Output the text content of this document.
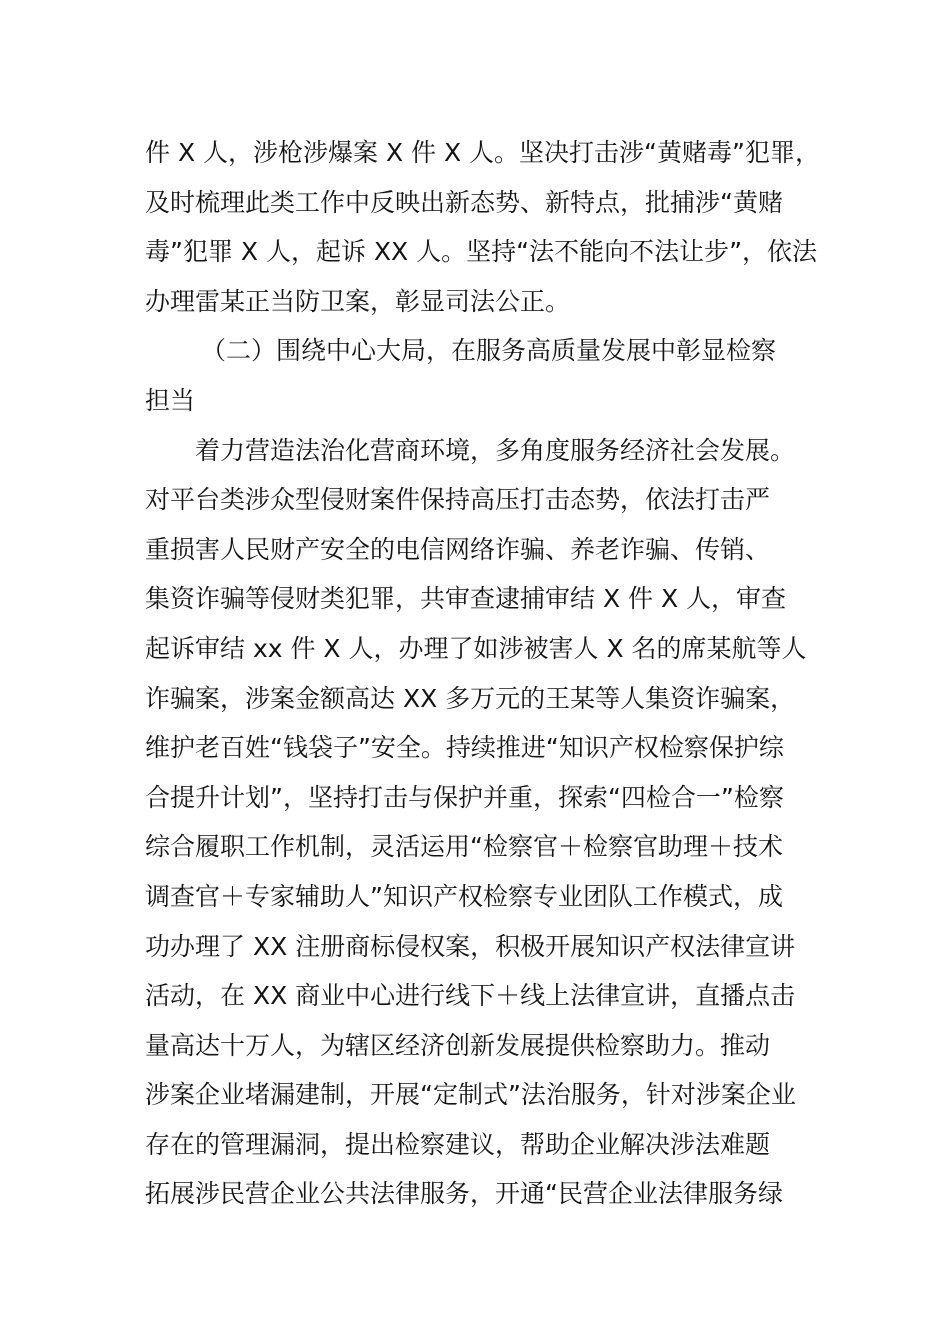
件 X 人，涉枪涉爆案 X 件 X 人。坚决打击涉“黄赌毒”犯罪，
及时梳理此类工作中反映出新态势、新特点，批捕涉“黄赌
毒”犯罪 X 人，起诉 XX 人。坚持“法不能向不法让步”，依法
办理雷某正当防卫案，彰显司法公正。
（二）围绕中心大局，在服务高质量发展中彰显检察
担当
着力营造法治化营商环境，多角度服务经济社会发展。
对平台类涉众型侵财案件保持高压打击态势，依法打击严
重损害人民财产安全的电信网络诈骗、养老诈骗、传销、
集资诈骗等侵财类犯罪，共审查逮捕审结 X 件 X 人，审查
起诉审结 xx 件 X 人，办理了如涉被害人 X 名的席某航等人
诈骗案，涉案金额高达 XX 多万元的王某等人集资诈骗案，
维护老百姓“钱袋子”安全。持续推进“知识产权检察保护综
合提升计划”，坚持打击与保护并重，探索“四检合一”检察
综合履职工作机制，灵活运用“检察官＋检察官助理＋技术
调查官＋专家辅助人”知识产权检察专业团队工作模式，成
功办理了 XX 注册商标侵权案，积极开展知识产权法律宣讲
活动，在 XX 商业中心进行线下＋线上法律宣讲，直播点击
量高达十万人，为辖区经济创新发展提供检察助力。推动
涉案企业堵漏建制，开展“定制式”法治服务，针对涉案企业
存在的管理漏洞，提出检察建议，帮助企业解决涉法难题
拓展涉民营企业公共法律服务，开通“民营企业法律服务绿
